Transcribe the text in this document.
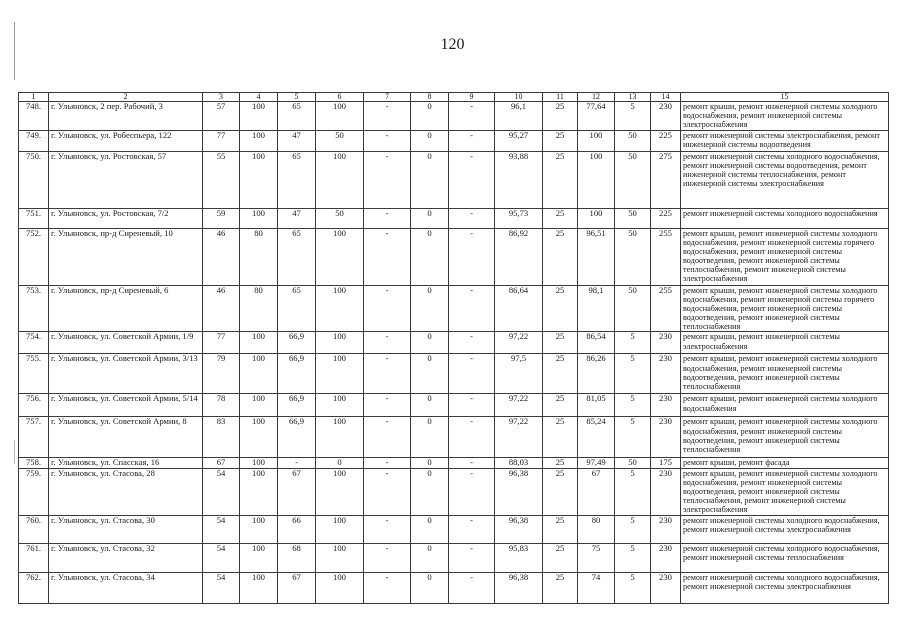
120
1	2	3	4	5	6	7	8	9	10	11	12	13	14	15
748.	г. Ульяновск, 2 пер. Рабочий, 3	57	100	65	100	-	0	-	96,1	25	77,64	5	230	ремонт крыши, ремонт инженерной системы холодного водоснабжения, ремонт инженерной системы электроснабжения
749.	г. Ульяновск, ул. Робеспьера, 122	77	100	47	50	-	0	-	95,27	25	100	50	225	ремонт инженерной системы электроснабжения, ремонт инженерной системы водоотведения
750.	г. Ульяновск, ул. Ростовская, 57	55	100	65	100	-	0	-	93,88	25	100	50	275	ремонт инженерной системы холодного водоснабжения, ремонт инженерной системы водоотведения, ремонт инженерной системы теплоснабжения, ремонт инженерной системы электроснабжения
751.	г. Ульяновск, ул. Ростовская, 7/2	59	100	47	50	-	0	-	95,73	25	100	50	225	ремонт инженерной системы холодного водоснабжения
752.	г. Ульяновск, пр-д Сиреневый, 10	46	80	65	100	-	0	-	86,92	25	96,51	50	255	ремонт крыши, ремонт инженерной системы холодного водоснабжения, ремонт инженерной системы горячего водоснабжения, ремонт инженерной системы водоотведения, ремонт инженерной системы теплоснабжения, ремонт инженерной системы электроснабжения
753.	г. Ульяновск, пр-д Сиреневый, 6	46	80	65	100	-	0	-	86,64	25	98,1	50	255	ремонт крыши, ремонт инженерной системы холодного водоснабжения, ремонт инженерной системы горячего водоснабжения, ремонт инженерной системы водоотведения, ремонт инженерной системы теплоснабжения
754.	г. Ульяновск, ул. Советской Армии, 1/9	77	100	66,9	100	-	0	-	97,22	25	86,54	5	230	ремонт крыши, ремонт инженерной системы электроснабжения
755.	г. Ульяновск, ул. Советской Армии, 3/13	79	100	66,9	100	-	0	-	97,5	25	86,26	5	230	ремонт крыши, ремонт инженерной системы холодного водоснабжения, ремонт инженерной системы водоотведения, ремонт инженерной системы теплоснабжения
756.	г. Ульяновск, ул. Советской Армии, 5/14	78	100	66,9	100	-	0	-	97,22	25	81,05	5	230	ремонт крыши, ремонт инженерной системы холодного водоснабжения
757.	г. Ульяновск, ул. Советской Армии, 8	83	100	66,9	100	-	0	-	97,22	25	85,24	5	230	ремонт крыши, ремонт инженерной системы холодного водоснабжения, ремонт инженерной системы водоотведения, ремонт инженерной системы теплоснабжения
758.	г. Ульяновск, ул. Спасская, 16	67	100	-	0	-	0	-	88,03	25	97,49	50	175	ремонт крыши, ремонт фасада
759.	г. Ульяновск, ул. Стасова, 28	54	100	67	100	-	0	-	96,38	25	67	5	230	ремонт крыши, ремонт инженерной системы холодного водоснабжения, ремонт инженерной системы водоотведения, ремонт инженерной системы теплоснабжения, ремонт инженерной системы электроснабжения
760.	г. Ульяновск, ул. Стасова, 30	54	100	66	100	-	0	-	96,38	25	80	5	230	ремонт инженерной системы холодного водоснабжения, ремонт инженерной системы электроснабжения
761.	г. Ульяновск, ул. Стасова, 32	54	100	68	100	-	0	-	95,83	25	75	5	230	ремонт инженерной системы холодного водоснабжения, ремонт инженерной системы теплоснабжения
762.	г. Ульяновск, ул. Стасова, 34	54	100	67	100	-	0	-	96,38	25	74	5	230	ремонт инженерной системы холодного водоснабжения, ремонт инженерной системы электроснабжения
